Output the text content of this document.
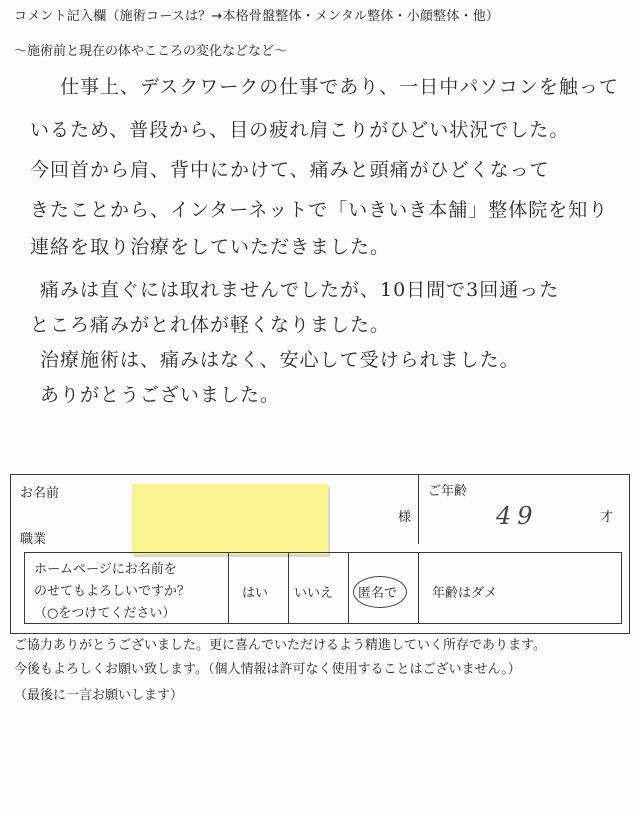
コメント記入欄（施術コースは？→本格骨盤整体・メンタル整体・小顔整体・他）
〜施術前と現在の体やこころの変化などなど〜
仕事上、デスクワークの仕事であり、一日中パソコンを触って
いるため、普段から、目の疲れ肩こりがひどい状況でした。
今回首から肩、背中にかけて、痛みと頭痛がひどくなって
きたことから、インターネットで「いきいき本舗」整体院を知り
連絡を取り治療をしていただきました。
痛みは直ぐには取れませんでしたが、10日間で3回通った
ところ痛みがとれ体が軽くなりました。
治療施術は、痛みはなく、安心して受けられました。
ありがとうございました。
お名前
様
職業
ご年齢
49	才
ホームページにお名前を
のせてもよろしいですか？
（○をつけてください）
はい いいえ 匿名で	年齢はダメ
ご協力ありがとうございました。更に喜んでいただけるよう精進していく所存であります。
今後もよろしくお願い致します。（個人情報は許可なく使用することはございません。）
（最後に一言お願いします）
